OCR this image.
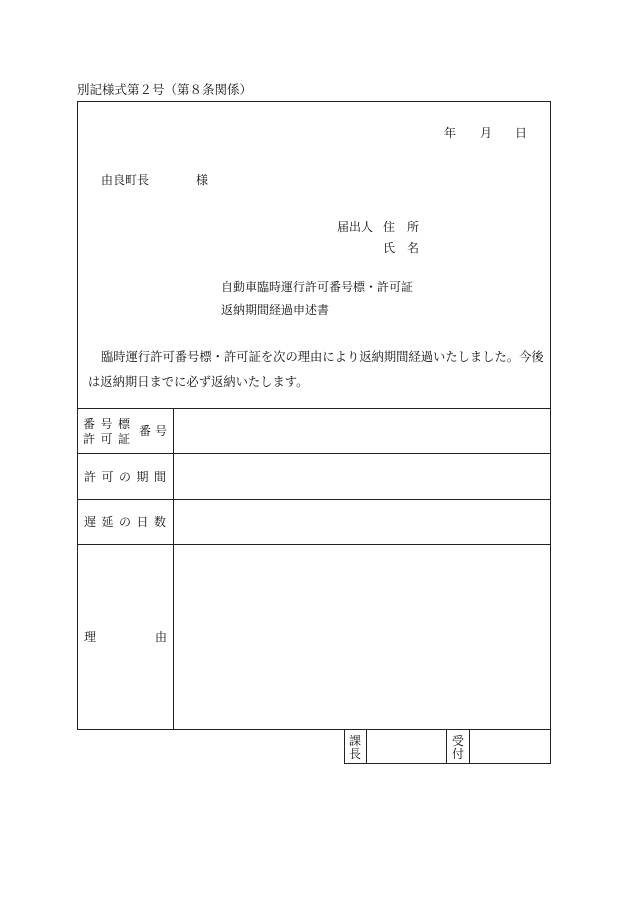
別記様式第２号（第８条関係）
年 月 日
由良町長	様
届出人 住　所
氏　名
自動車臨時運行許可番号標・許可証
返納期間経過申述書
臨時運行許可番号標・許可証を次の理由により返納期間経過いたしました。今後
は返納期日までに必ず返納いたします。
番 号 標
許 可 証
番 号
許 可 の 期 間
遅 延 の 日 数
理	由
課長
受付
